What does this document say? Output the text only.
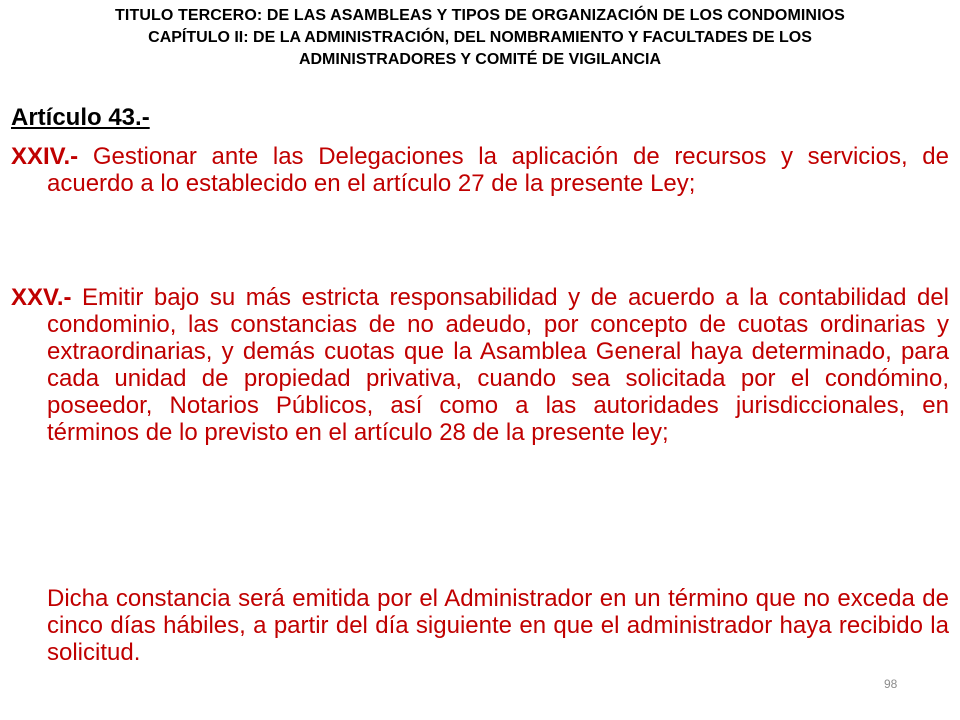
TITULO TERCERO: DE LAS ASAMBLEAS Y TIPOS DE ORGANIZACIÓN DE LOS CONDOMINIOS
CAPÍTULO II: DE LA ADMINISTRACIÓN, DEL NOMBRAMIENTO Y FACULTADES DE LOS
ADMINISTRADORES Y COMITÉ DE VIGILANCIA
Artículo 43.-
XXIV.- Gestionar ante las Delegaciones la aplicación de recursos y servicios, de acuerdo a lo establecido en el artículo 27 de la presente Ley;
XXV.- Emitir bajo su más estricta responsabilidad y de acuerdo a la contabilidad del condominio, las constancias de no adeudo, por concepto de cuotas ordinarias y extraordinarias, y demás cuotas que la Asamblea General haya determinado, para cada unidad de propiedad privativa, cuando sea solicitada por el condómino, poseedor, Notarios Públicos, así como a las autoridades jurisdiccionales, en términos de lo previsto en el artículo 28 de la presente ley;
Dicha constancia será emitida por el Administrador en un término que no exceda de cinco días hábiles, a partir del día siguiente en que el administrador haya recibido la solicitud.
98
